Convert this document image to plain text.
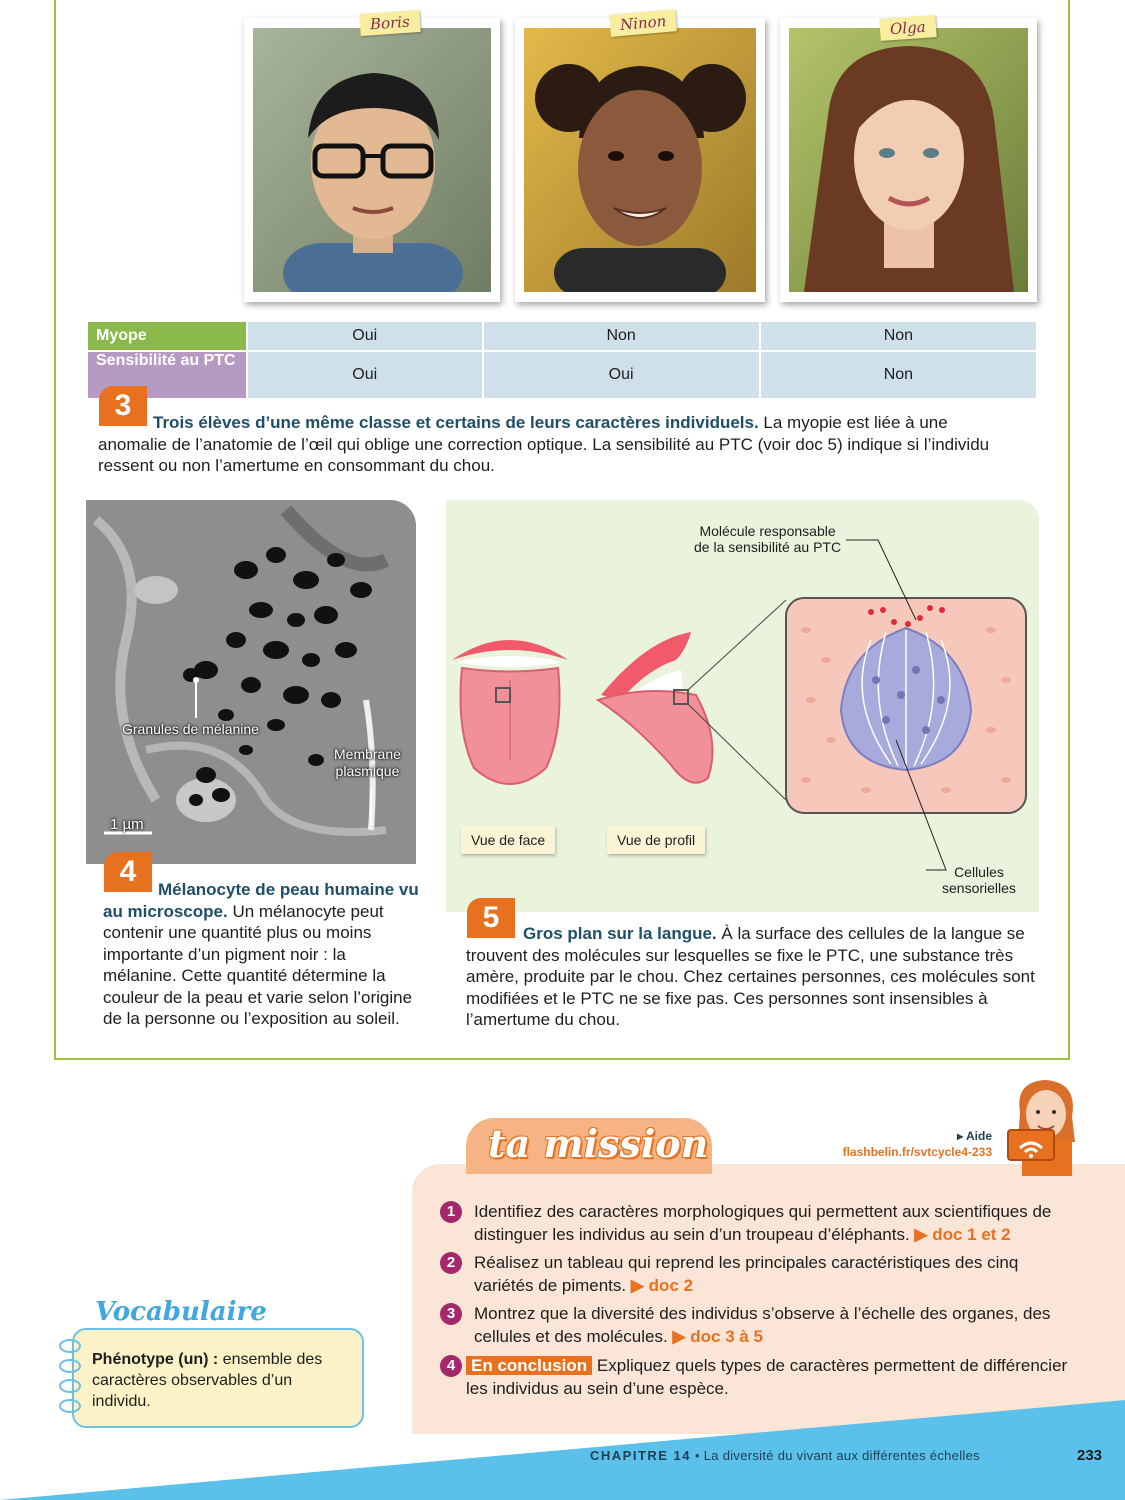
Boris	Ninon	Olga
Myope	Oui	Non	Non
Sensibilité au PTC	Oui	Oui	Non
3
Trois élèves d’une même classe et certains de leurs caractères individuels. La myopie est liée à une anomalie de l’anatomie de l’œil qui oblige une correction optique. La sensibilité au PTC (voir doc 5) indique si l’individu ressent ou non l’amertume en consommant du chou.
Granules de mélanine
Membrane
plasmique
1 µm
4
Mélanocyte de peau humaine vu au microscope. Un mélanocyte peut contenir une quantité plus ou moins importante d’un pigment noir : la mélanine. Cette quantité détermine la couleur de la peau et varie selon l’origine de la personne ou l’exposition au soleil.
Molécule responsable
de la sensibilité au PTC
Cellules
sensorielles
Vue de face	Vue de profil
5	Gros plan sur la langue. À la surface des cellules de la langue se trouvent des molécules sur lesquelles se fixe le PTC, une substance très amère, produite par le chou. Chez certaines personnes, ces molécules sont modifiées et le PTC ne se fixe pas. Ces personnes sont insensibles à l’amertume du chou.
ta mission	▸ Aide
flashbelin.fr/svtcycle4-233
1	Identifiez des caractères morphologiques qui permettent aux scientifiques de distinguer les individus au sein d’un troupeau d’éléphants. ▶ doc 1 et 2
2	Réalisez un tableau qui reprend les principales caractéristiques des cinq variétés de piments. ▶ doc 2
3	Montrez que la diversité des individus s’observe à l’échelle des organes, des cellules et des molécules. ▶ doc 3 à 5
4 En conclusion Expliquez quels types de caractères permettent de différencier les individus au sein d’une espèce.
Vocabulaire
Phénotype (un) : ensemble des caractères observables d’un individu.
CHAPITRE 14 • La diversité du vivant aux différentes échelles	233
